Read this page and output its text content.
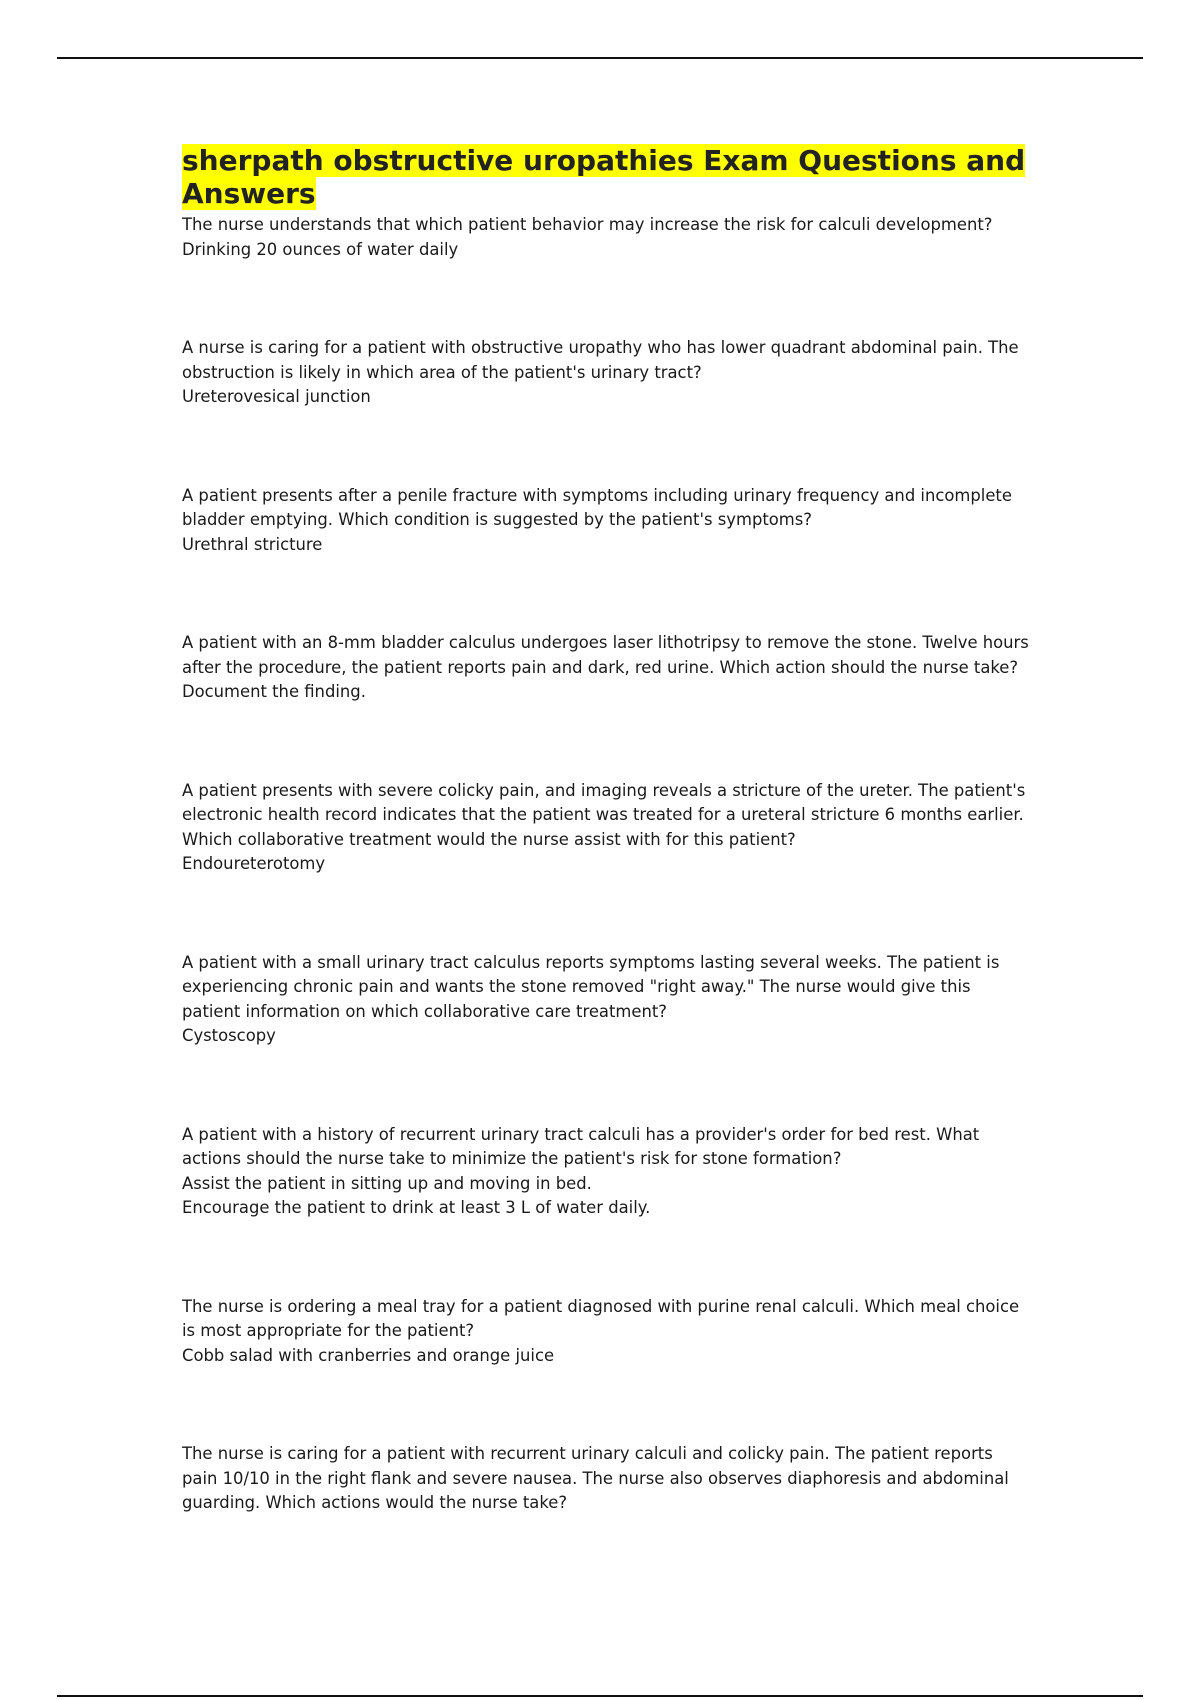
sherpath obstructive uropathies Exam Questions and Answers

The nurse understands that which patient behavior may increase the risk for calculi development?

Drinking 20 ounces of water daily

A nurse is caring for a patient with obstructive uropathy who has lower quadrant abdominal pain. The obstruction is likely in which area of the patient's urinary tract?

Ureterovesical junction

A patient presents after a penile fracture with symptoms including urinary frequency and incomplete bladder emptying. Which condition is suggested by the patient's symptoms?

Urethral stricture

A patient with an 8-mm bladder calculus undergoes laser lithotripsy to remove the stone. Twelve hours after the procedure, the patient reports pain and dark, red urine. Which action should the nurse take?

Document the finding.

A patient presents with severe colicky pain, and imaging reveals a stricture of the ureter. The patient's electronic health record indicates that the patient was treated for a ureteral stricture 6 months earlier. Which collaborative treatment would the nurse assist with for this patient?

Endoureterotomy

A patient with a small urinary tract calculus reports symptoms lasting several weeks. The patient is experiencing chronic pain and wants the stone removed "right away." The nurse would give this patient information on which collaborative care treatment?

Cystoscopy

A patient with a history of recurrent urinary tract calculi has a provider's order for bed rest. What actions should the nurse take to minimize the patient's risk for stone formation?

Assist the patient in sitting up and moving in bed.

Encourage the patient to drink at least 3 L of water daily.

The nurse is ordering a meal tray for a patient diagnosed with purine renal calculi. Which meal choice is most appropriate for the patient?

Cobb salad with cranberries and orange juice

The nurse is caring for a patient with recurrent urinary calculi and colicky pain. The patient reports pain 10/10 in the right flank and severe nausea. The nurse also observes diaphoresis and abdominal guarding. Which actions would the nurse take?
